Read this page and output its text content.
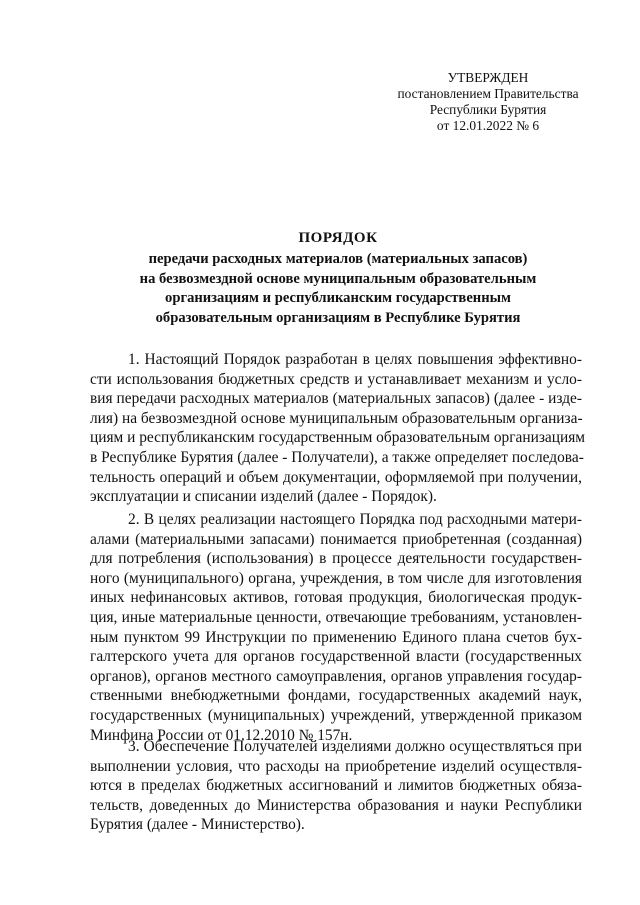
УТВЕРЖДЕН
постановлением Правительства
Республики Бурятия
от 12.01.2022 № 6
ПОРЯДОК
передачи расходных материалов (материальных запасов)
на безвозмездной основе муниципальным образовательным
организациям и республиканским государственным
образовательным организациям в Республике Бурятия
1. Настоящий Порядок разработан в целях повышения эффективно-
сти использования бюджетных средств и устанавливает механизм и усло-
вия передачи расходных материалов (материальных запасов) (далее - изде-
лия) на безвозмездной основе муниципальным образовательным организа-
циям и республиканским государственным образовательным организациям
в Республике Бурятия (далее - Получатели), а также определяет последова-
тельность операций и объем документации, оформляемой при получении,
эксплуатации и списании изделий (далее - Порядок).
2. В целях реализации настоящего Порядка под расходными матери-
алами (материальными запасами) понимается приобретенная (созданная)
для потребления (использования) в процессе деятельности государствен-
ного (муниципального) органа, учреждения, в том числе для изготовления
иных нефинансовых активов, готовая продукция, биологическая продук-
ция, иные материальные ценности, отвечающие требованиям, установлен-
ным пунктом 99 Инструкции по применению Единого плана счетов бух-
галтерского учета для органов государственной власти (государственных
органов), органов местного самоуправления, органов управления государ-
ственными внебюджетными фондами, государственных академий наук,
государственных (муниципальных) учреждений, утвержденной приказом
Минфина России от 01.12.2010 № 157н.
3. Обеспечение Получателей изделиями должно осуществляться при
выполнении условия, что расходы на приобретение изделий осуществля-
ются в пределах бюджетных ассигнований и лимитов бюджетных обяза-
тельств, доведенных до Министерства образования и науки Республики
Бурятия (далее - Министерство).
